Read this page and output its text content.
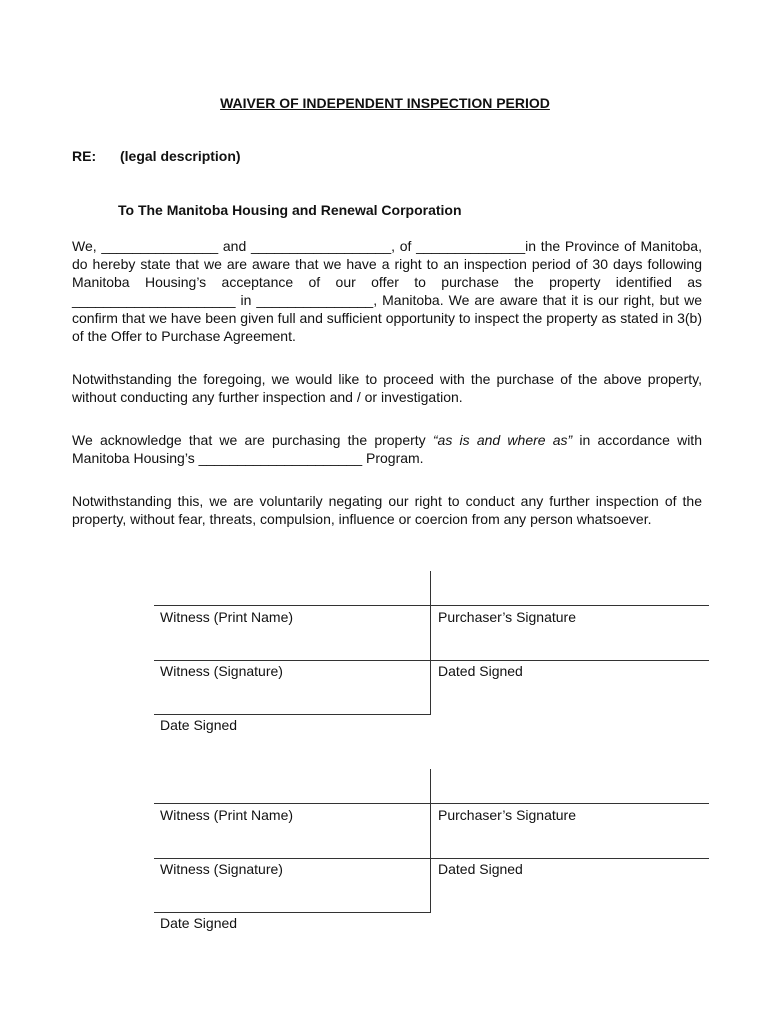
WAIVER OF INDEPENDENT INSPECTION PERIOD
RE: (legal description)
To The Manitoba Housing and Renewal Corporation
We, _______________ and __________________, of ______________in the Province of Manitoba, do hereby state that we are aware that we have a right to an inspection period of 30 days following Manitoba Housing’s acceptance of our offer to purchase the property identified as _____________________ in _______________, Manitoba. We are aware that it is our right, but we confirm that we have been given full and sufficient opportunity to inspect the property as stated in 3(b) of the Offer to Purchase Agreement.
Notwithstanding the foregoing, we would like to proceed with the purchase of the above property, without conducting any further inspection and / or investigation.
We acknowledge that we are purchasing the property “as is and where as” in accordance with Manitoba Housing’s _____________________ Program.
Notwithstanding this, we are voluntarily negating our right to conduct any further inspection of the property, without fear, threats, compulsion, influence or coercion from any person whatsoever.
Witness (Print Name)	Purchaser’s Signature
Witness (Signature)	Dated Signed
Date Signed
Witness (Print Name)	Purchaser’s Signature
Witness (Signature)	Dated Signed
Date Signed
